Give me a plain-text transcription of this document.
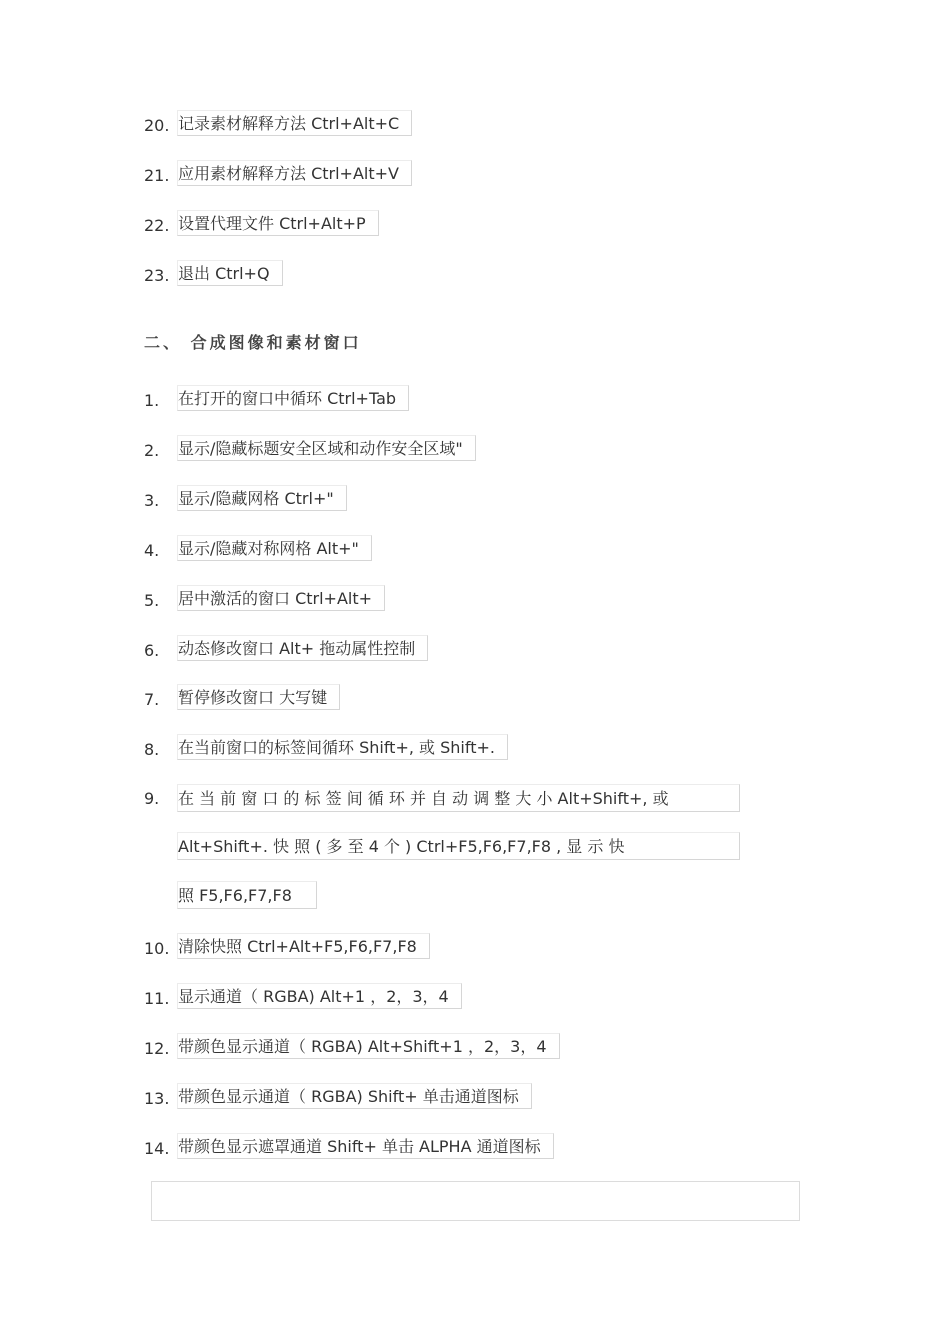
20. 记录素材解释方法 Ctrl+Alt+C
21. 应用素材解释方法 Ctrl+Alt+V
22. 设置代理文件 Ctrl+Alt+P
23. 退出 Ctrl+Q
二、 合成图像和素材窗口
1. 在打开的窗口中循环 Ctrl+Tab
2. 显示/隐藏标题安全区域和动作安全区域"
3. 显示/隐藏网格 Ctrl+"
4. 显示/隐藏对称网格 Alt+"
5. 居中激活的窗口 Ctrl+Alt+
6. 动态修改窗口 Alt+ 拖动属性控制
7. 暂停修改窗口 大写键
8. 在当前窗口的标签间循环 Shift+, 或 Shift+.
9. 在 当 前 窗 口 的 标 签 间 循 环 并 自 动 调 整 大 小 Alt+Shift+, 或
Alt+Shift+. 快 照 ( 多 至 4 个 ) Ctrl+F5,F6,F7,F8 , 显 示 快
照 F5,F6,F7,F8
10. 清除快照 Ctrl+Alt+F5,F6,F7,F8
11. 显示通道（ RGBA) Alt+1 ，2，3，4
12. 带颜色显示通道（ RGBA) Alt+Shift+1 ，2，3，4
13. 带颜色显示通道（ RGBA) Shift+ 单击通道图标
14. 带颜色显示遮罩通道 Shift+ 单击 ALPHA 通道图标
